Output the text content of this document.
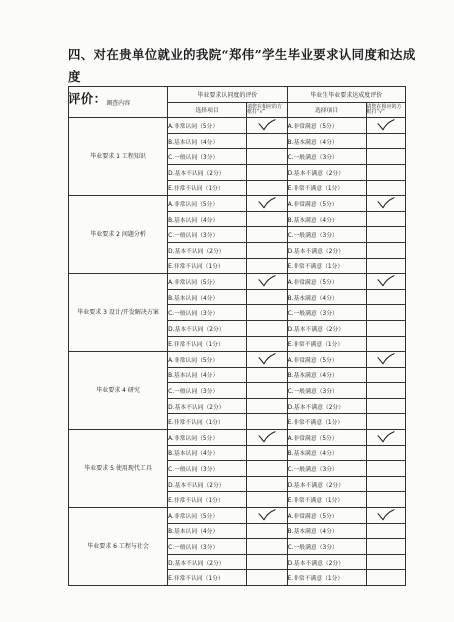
四、对在贵单位就业的我院“郑伟”学生毕业要求认同度和达成度
评价： 调查内容	毕业要求认同度的评价		毕业生毕业要求达成度评价	
	选择项目	请您在相应的方框打“√”	选择项目	请您在相应的方框打“√”
毕业要求 1 工程知识	A.非常认同（5分）		A.非常满意（5分）	

	B.基本认同（4分）		B.基本满意（4分）	
	C.一般认同（3分）		C.一般满意（3分）	
	D.基本不认同（2分）		D.基本不满意（2分）	
	E.非常不认同（1分）		E.非常不满意（1分）	
毕业要求 2 问题分析	A.非常认同（5分）		A.非常满意（5分）	

	B.基本认同（4分）		B.基本满意（4分）	
	C.一般认同（3分）		C.一般满意（3分）	
	D.基本不认同（2分）		D.基本不满意（2分）	
	E.非常不认同（1分）		E.非常不满意（1分）	
毕业要求 3 设计/开发解决方案	A.非常认同（5分）		A.非常满意（5分）	

	B.基本认同（4分）		B.基本满意（4分）	
	C.一般认同（3分）		C.一般满意（3分）	
	D.基本不认同（2分）		D.基本不满意（2分）	
	E.非常不认同（1分）		E.非常不满意（1分）	
毕业要求 4 研究	A.非常认同（5分）		A.非常满意（5分）	

	B.基本认同（4分）		B.基本满意（4分）	
	C.一般认同（3分）		C.一般满意（3分）	
	D.基本不认同（2分）		D.基本不满意（2分）	
	E.非常不认同（1分）		E.非常不满意（1分）	
毕业要求 5 使用现代工具	A.非常认同（5分）		A.非常满意（5分）	

	B.基本认同（4分）		B.基本满意（4分）	
	C.一般认同（3分）		C.一般满意（3分）	
	D.基本不认同（2分）		D.基本不满意（2分）	
	E.非常不认同（1分）		E.非常不满意（1分）	
毕业要求 6 工程与社会	A.非常认同（5分）		A.非常满意（5分）	

	B.基本认同（4分）		B.基本满意（4分）	
	C.一般认同（3分）		C.一般满意（3分）	
	D.基本不认同（2分）		D.基本不满意（2分）	
	E.非常不认同（1分）		E.非常不满意（1分）	
